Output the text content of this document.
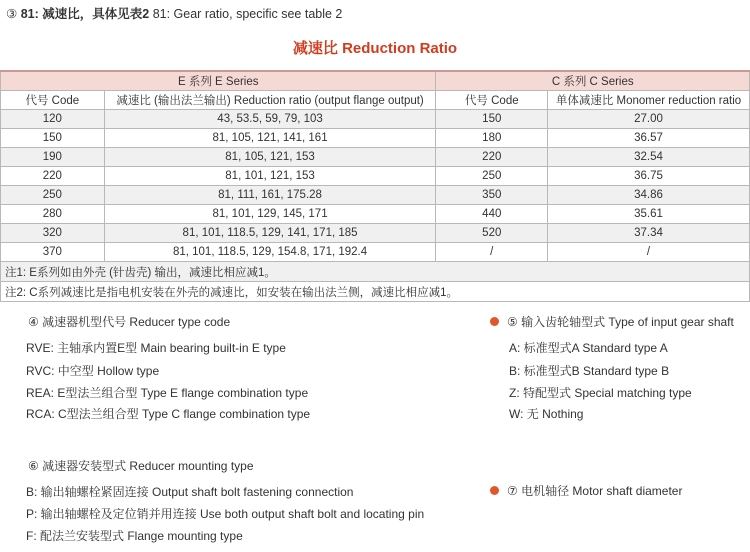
③ 81: 减速比，具体见表2 81: Gear ratio, specific see table 2
减速比 Reduction Ratio
E 系列 E Series		C 系列 C Series	
代号 Code	减速比 (输出法兰输出) Reduction ratio (output flange output)	代号 Code	单体减速比 Monomer reduction ratio
120	43, 53.5, 59, 79, 103	150	27.00
150	81, 105, 121, 141, 161	180	36.57
190	81, 105, 121, 153	220	32.54
220	81, 101, 121, 153	250	36.75
250	81, 111, 161, 175.28	350	34.86
280	81, 101, 129, 145, 171	440	35.61
320	81, 101, 118.5, 129, 141, 171, 185	520	37.34
370	81, 101, 118.5, 129, 154.8, 171, 192.4	/	/
注1: E系列如由外壳 (针齿壳) 输出，减速比相应减1。			
注2: C系列减速比是指电机安装在外壳的减速比，如安装在输出法兰侧，减速比相应减1。			
④ 减速器机型代号 Reducer type code
RVE: 主轴承内置E型 Main bearing built-in E type
RVC: 中空型 Hollow type
REA: E型法兰组合型 Type E flange combination type
RCA: C型法兰组合型 Type C flange combination type
⑤ 输入齿轮轴型式 Type of input gear shaft
A: 标准型式A Standard type A
B: 标准型式B Standard type B
Z: 特配型式 Special matching type
W: 无 Nothing
⑥ 减速器安装型式 Reducer mounting type
B: 输出轴螺栓紧固连接 Output shaft bolt fastening connection
P: 输出轴螺栓及定位销并用连接 Use both output shaft bolt and locating pin
F: 配法兰安装型式 Flange mounting type
⑦ 电机轴径 Motor shaft diameter
